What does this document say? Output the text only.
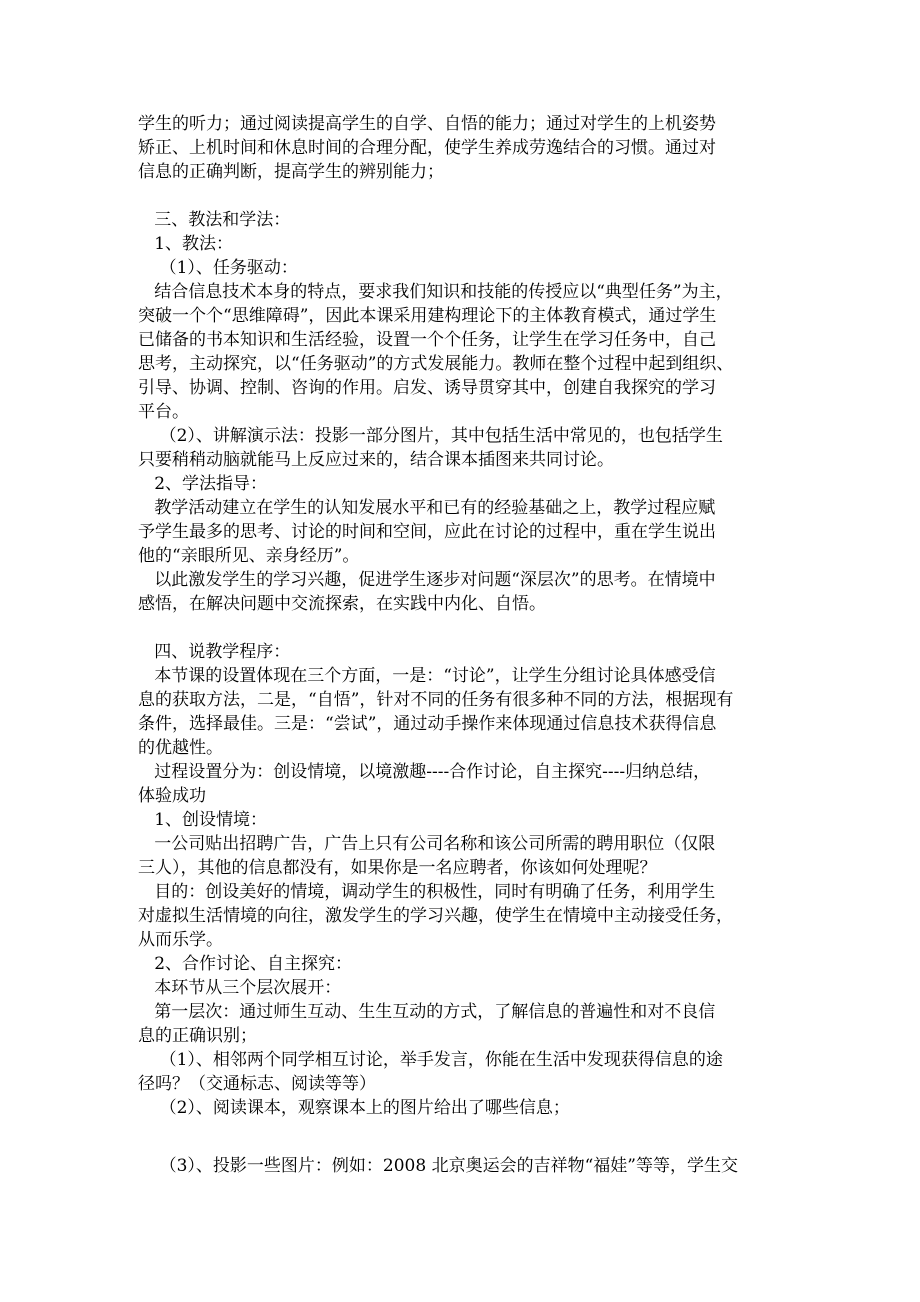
学生的听力；通过阅读提高学生的自学、自悟的能力；通过对学生的上机姿势
矫正、上机时间和休息时间的合理分配，使学生养成劳逸结合的习惯。通过对
信息的正确判断，提高学生的辨别能力；
三、教法和学法：
1、教法：
（1）、任务驱动：
结合信息技术本身的特点，要求我们知识和技能的传授应以“典型任务”为主，
突破一个个“思维障碍”，因此本课采用建构理论下的主体教育模式，通过学生
已储备的书本知识和生活经验，设置一个个任务，让学生在学习任务中，自己
思考，主动探究，以“任务驱动”的方式发展能力。教师在整个过程中起到组织、
引导、协调、控制、咨询的作用。启发、诱导贯穿其中，创建自我探究的学习
平台。
（2）、讲解演示法：投影一部分图片，其中包括生活中常见的，也包括学生
只要稍稍动脑就能马上反应过来的，结合课本插图来共同讨论。
2、学法指导：
教学活动建立在学生的认知发展水平和已有的经验基础之上，教学过程应赋
予学生最多的思考、讨论的时间和空间，应此在讨论的过程中，重在学生说出
他的“亲眼所见、亲身经历”。
以此激发学生的学习兴趣，促进学生逐步对问题“深层次”的思考。在情境中
感悟，在解决问题中交流探索，在实践中内化、自悟。
四、说教学程序：
本节课的设置体现在三个方面，一是：“讨论”，让学生分组讨论具体感受信
息的获取方法，二是，“自悟”，针对不同的任务有很多种不同的方法，根据现有
条件，选择最佳。三是：“尝试”，通过动手操作来体现通过信息技术获得信息
的优越性。
过程设置分为：创设情境，以境激趣----合作讨论，自主探究----归纳总结，
体验成功
1、创设情境：
一公司贴出招聘广告，广告上只有公司名称和该公司所需的聘用职位（仅限
三人），其他的信息都没有，如果你是一名应聘者，你该如何处理呢？
目的：创设美好的情境，调动学生的积极性，同时有明确了任务，利用学生
对虚拟生活情境的向往，激发学生的学习兴趣，使学生在情境中主动接受任务，
从而乐学。
2、合作讨论、自主探究：
本环节从三个层次展开：
第一层次：通过师生互动、生生互动的方式，了解信息的普遍性和对不良信
息的正确识别；
（1）、相邻两个同学相互讨论，举手发言，你能在生活中发现获得信息的途
径吗？（交通标志、阅读等等）
（2）、阅读课本，观察课本上的图片给出了哪些信息；
（3）、投影一些图片：例如：2008 北京奥运会的吉祥物“福娃”等等，学生交
